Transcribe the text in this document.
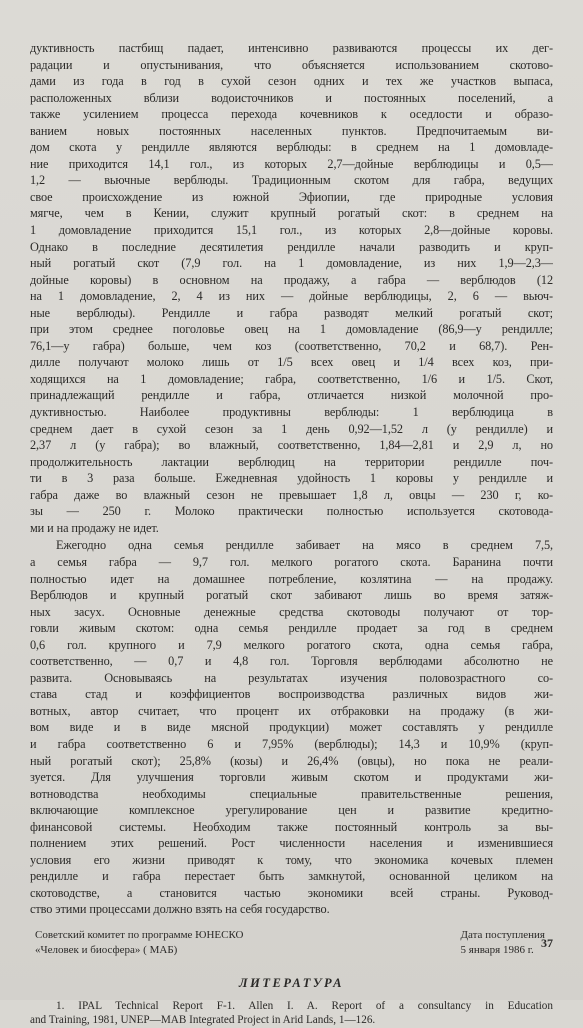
дуктивность пастбищ падает, интенсивно развиваются процессы их дег-
радации и опустынивания, что объясняется использованием скотово-
дами из года в год в сухой сезон одних и тех же участков выпаса,
расположенных вблизи водоисточников и постоянных поселений, а
также усилением процесса перехода кочевников к оседлости и образо-
ванием новых постоянных населенных пунктов. Предпочитаемым ви-
дом скота у рендилле являются верблюды: в среднем на 1 домовладе-
ние приходится 14,1 гол., из которых 2,7—дойные верблюдицы и 0,5—
1,2 — вьючные верблюды. Традиционным скотом для габра, ведущих
свое происхождение из южной Эфиопии, где природные условия
мягче, чем в Кении, служит крупный рогатый скот: в среднем на
1 домовладение приходится 15,1 гол., из которых 2,8—дойные коровы.
Однако в последние десятилетия рендилле начали разводить и круп-
ный рогатый скот (7,9 гол. на 1 домовладение, из них 1,9—2,3—
дойные коровы) в основном на продажу, а габра — верблюдов (12
на 1 домовладение, 2, 4 из них — дойные верблюдицы, 2, 6 — вьюч-
ные верблюды). Рендилле и габра разводят мелкий рогатый скот;
при этом среднее поголовье овец на 1 домовладение (86,9—у рендилле;
76,1—у габра) больше, чем коз (соответственно, 70,2 и 68,7). Рен-
дилле получают молоко лишь от 1/5 всех овец и 1/4 всех коз, при-
ходящихся на 1 домовладение; габра, соответственно, 1/6 и 1/5. Скот,
принадлежащий рендилле и габра, отличается низкой молочной про-
дуктивностью. Наиболее продуктивны верблюды: 1 верблюдица в
среднем дает в сухой сезон за 1 день 0,92—1,52 л (у рендилле) и
2,37 л (у габра); во влажный, соответственно, 1,84—2,81 и 2,9 л, но
продолжительность лактации верблюдиц на территории рендилле поч-
ти в 3 раза больше. Ежедневная удойность 1 коровы у рендилле и
габра даже во влажный сезон не превышает 1,8 л, овцы — 230 г, ко-
зы — 250 г. Молоко практически полностью используется скотовода-
ми и на продажу не идет.
Ежегодно одна семья рендилле забивает на мясо в среднем 7,5,
а семья габра — 9,7 гол. мелкого рогатого скота. Баранина почти
полностью идет на домашнее потребление, козлятина — на продажу.
Верблюдов и крупный рогатый скот забивают лишь во время затяж-
ных засух. Основные денежные средства скотоводы получают от тор-
говли живым скотом: одна семья рендилле продает за год в среднем
0,6 гол. крупного и 7,9 мелкого рогатого скота, одна семья габра,
соответственно, — 0,7 и 4,8 гол. Торговля верблюдами абсолютно не
развита. Основываясь на результатах изучения половозрастного со-
става стад и коэффициентов воспроизводства различных видов жи-
вотных, автор считает, что процент их отбраковки на продажу (в жи-
вом виде и в виде мясной продукции) может составлять у рендилле
и габра соответственно 6 и 7,95% (верблюды); 14,3 и 10,9% (круп-
ный рогатый скот); 25,8% (козы) и 26,4% (овцы), но пока не реали-
зуется. Для улучшения торговли живым скотом и продуктами жи-
вотноводства необходимы специальные правительственные решения,
включающие комплексное урегулирование цен и развитие кредитно-
финансовой системы. Необходим также постоянный контроль за вы-
полнением этих решений. Рост численности населения и изменившиеся
условия его жизни приводят к тому, что экономика кочевых племен
рендилле и габра перестает быть замкнутой, основанной целиком на
скотоводстве, а становится частью экономики всей страны. Руковод-
ство этими процессами должно взять на себя государство.
Советский комитет по программе ЮНЕСКО
«Человек и биосфера» ( МАБ)
Дата поступления
5 января 1986 г.
ЛИТЕРАТУРА
1. IPAL Technical Report F-1. Allen I. A. Report of a consultancy in Education
and Training, 1981, UNEP—MAB Integrated Project in Arid Lands, 1—126.
37
